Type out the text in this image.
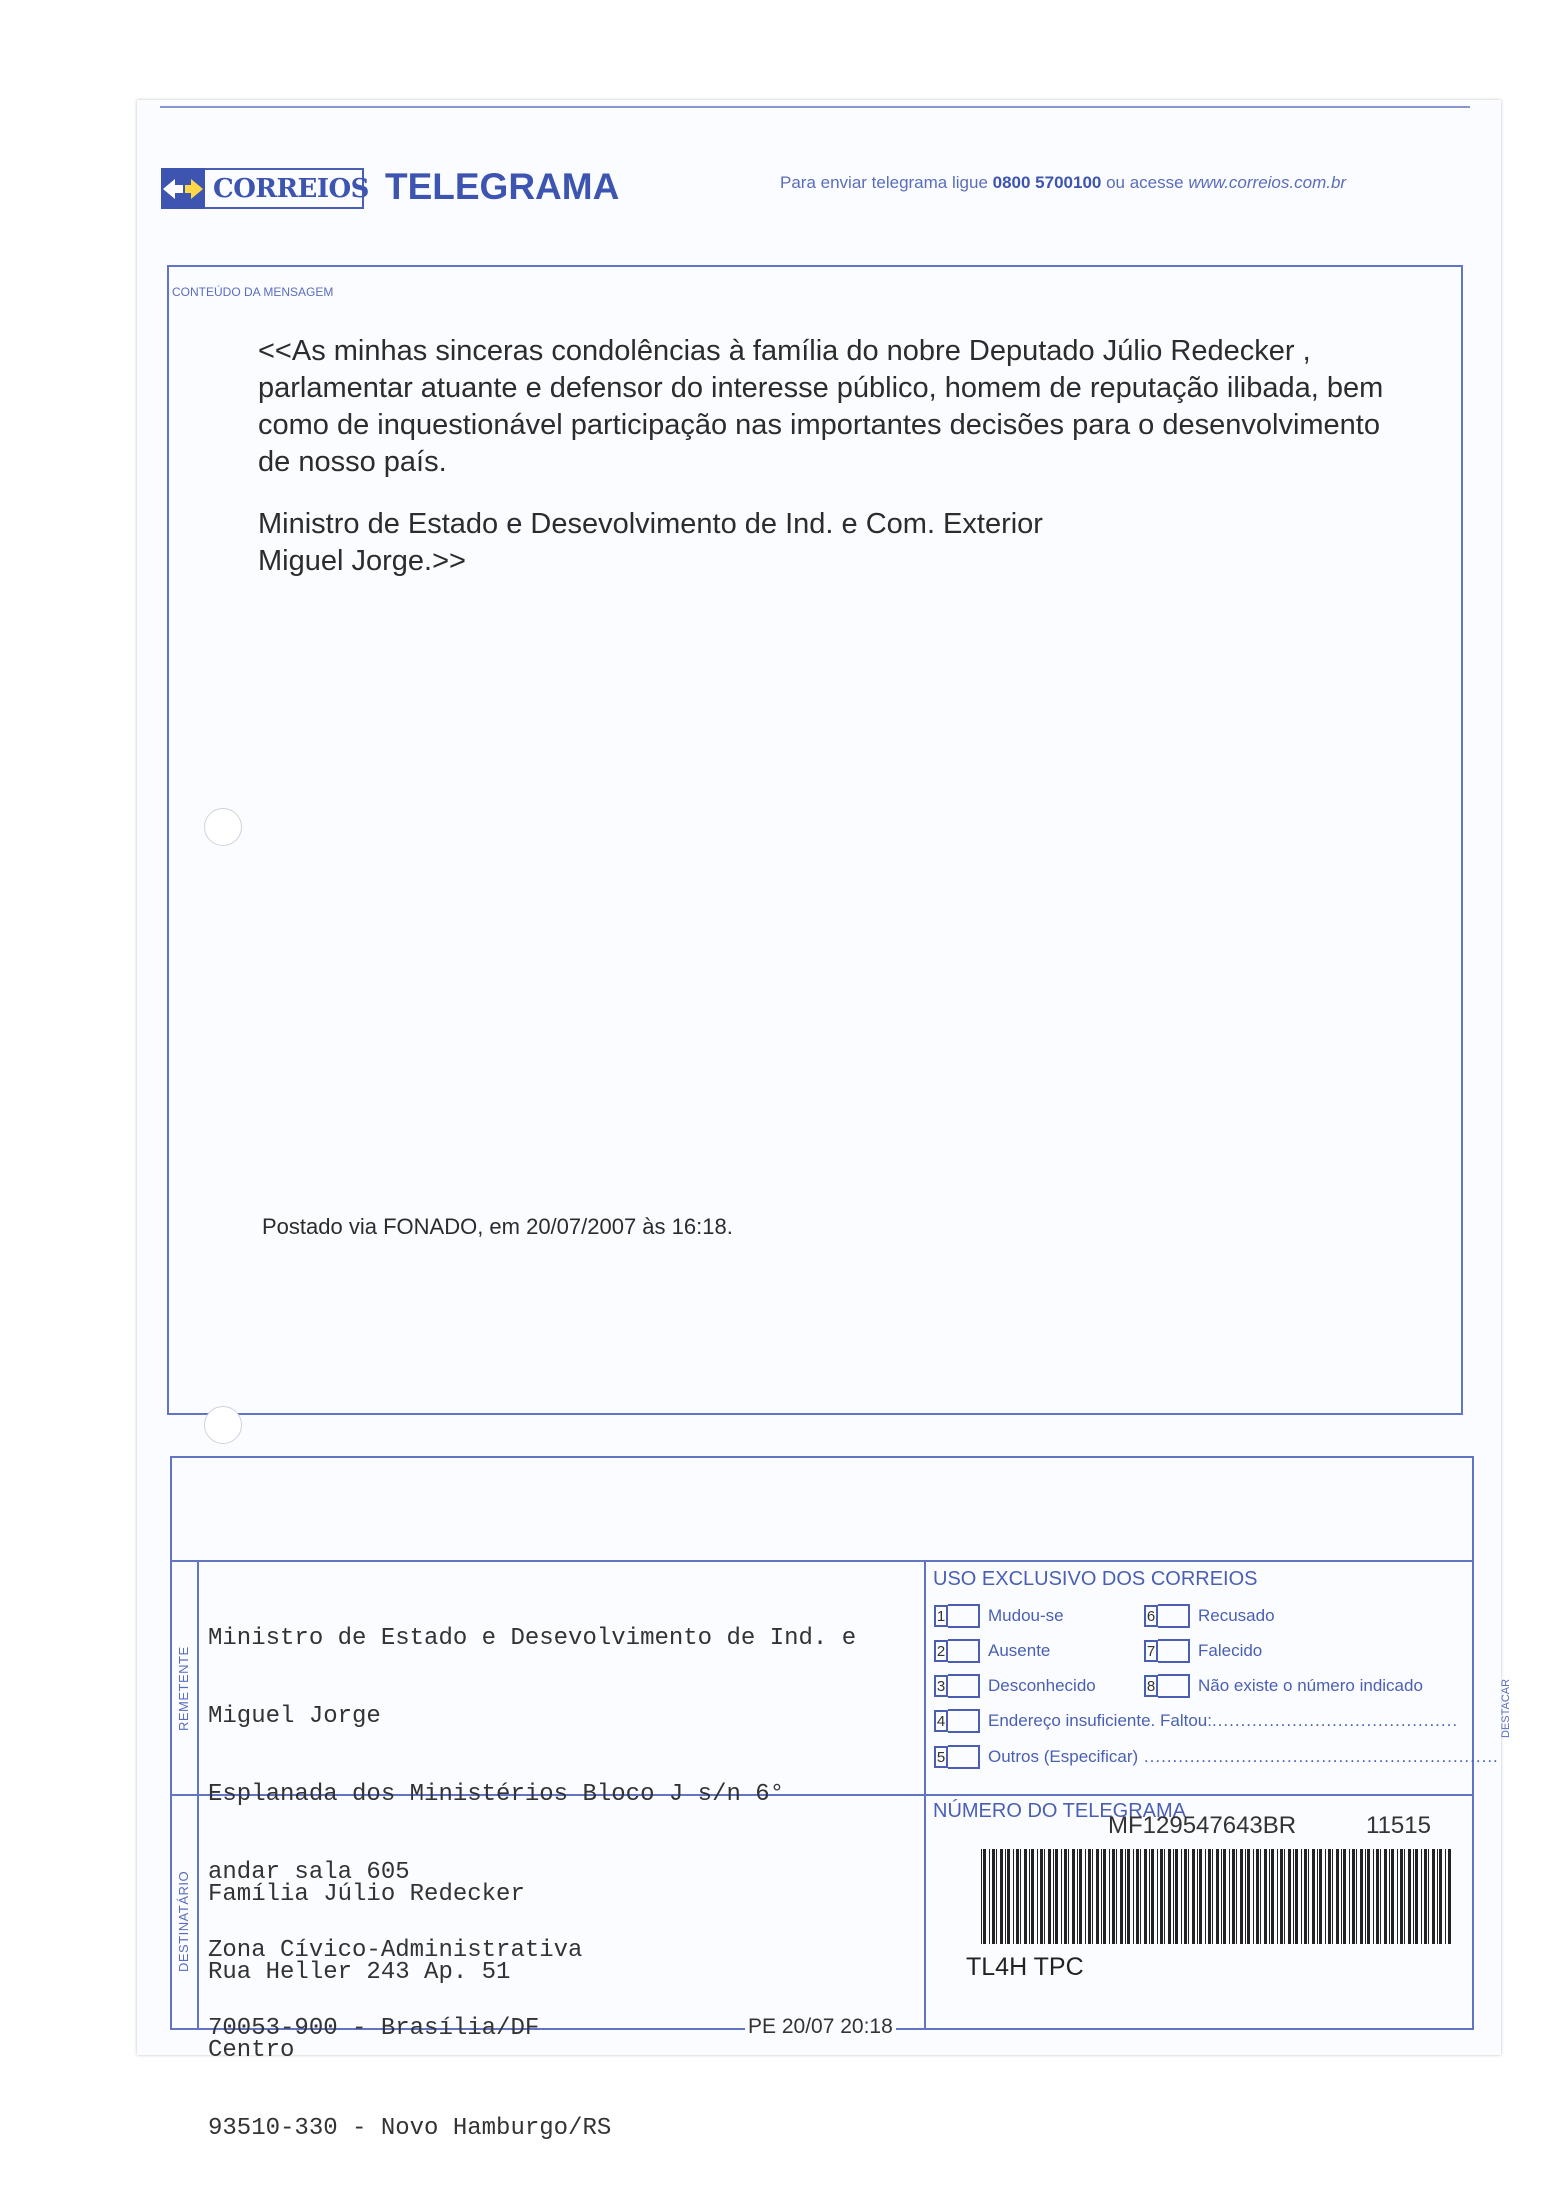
CORREIOS TELEGRAMA	Para enviar telegrama ligue 0800 5700100 ou acesse www.correios.com.br
CONTEÚDO DA MENSAGEM

<<As minhas sinceras condolências à família do nobre Deputado Júlio Redecker , parlamentar atuante e defensor do interesse público, homem de reputação ilibada, bem como de inquestionável participação nas importantes decisões para o desenvolvimento de nosso país.

Ministro de Estado e Desevolvimento de Ind. e Com. Exterior
Miguel Jorge.>>
Postado via FONADO, em 20/07/2007 às 16:18.
REMETENTE
DESTINATÁRIO

Ministro de Estado e Desevolvimento de Ind. e

Miguel Jorge

Esplanada dos Ministérios Bloco J s/n 6°

andar sala 605

Zona Cívico-Administrativa

70053-900 - Brasília/DF

Família Júlio Redecker

Rua Heller 243 Ap. 51

Centro

93510-330 - Novo Hamburgo/RS

USO EXCLUSIVO DOS CORREIOS
1	Mudou-se	6	Recusado
2	Ausente	7	Falecido
3	Desconhecido	8	Não existe o número indicado
4	Endereço insuficiente. Faltou: ...........................................
5	Outros (Especificar) ..............................................................
DESTACAR
NÚMERO DO TELEGRAMA
MF129547643BR	11515
TL4H TPC
PE 20/07 20:18
